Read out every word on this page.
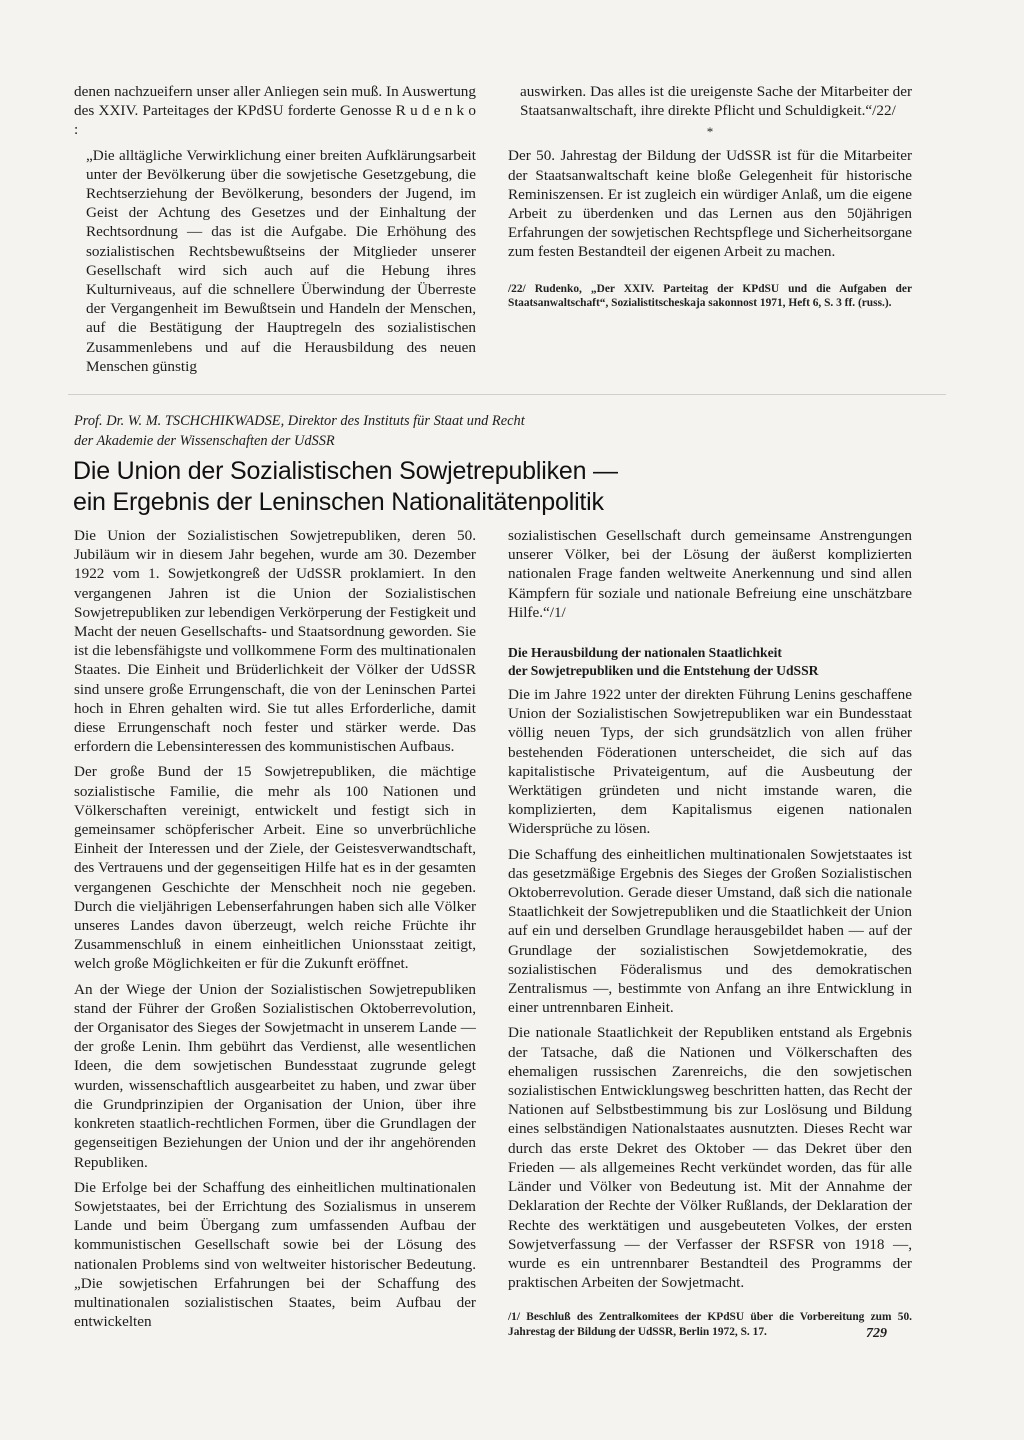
denen nachzueifern unser aller Anliegen sein muß. In Auswertung des XXIV. Parteitages der KPdSU forderte Genosse R u d e n k o :

„Die alltägliche Verwirklichung einer breiten Aufklärungsarbeit unter der Bevölkerung über die sowjetische Gesetzgebung, die Rechtserziehung der Bevölkerung, besonders der Jugend, im Geist der Achtung des Gesetzes und der Einhaltung der Rechtsordnung — das ist die Aufgabe. Die Erhöhung des sozialistischen Rechtsbewußtseins der Mitglieder unserer Gesellschaft wird sich auch auf die Hebung ihres Kulturniveaus, auf die schnellere Überwindung der Überreste der Vergangenheit im Bewußtsein und Handeln der Menschen, auf die Bestätigung der Hauptregeln des sozialistischen Zusammenlebens und auf die Herausbildung des neuen Menschen günstig

auswirken. Das alles ist die ureigenste Sache der Mitarbeiter der Staatsanwaltschaft, ihre direkte Pflicht und Schuldigkeit.“/22/

*

Der 50. Jahrestag der Bildung der UdSSR ist für die Mitarbeiter der Staatsanwaltschaft keine bloße Gelegenheit für historische Reminiszensen. Er ist zugleich ein würdiger Anlaß, um die eigene Arbeit zu überdenken und das Lernen aus den 50jährigen Erfahrungen der sowjetischen Rechtspflege und Sicherheitsorgane zum festen Bestandteil der eigenen Arbeit zu machen.

/22/ Rudenko, „Der XXIV. Parteitag der KPdSU und die Aufgaben der Staatsanwaltschaft“, Sozialistitscheskaja sakonnost 1971, Heft 6, S. 3 ff. (russ.).

Prof. Dr. W. M. TSCHCHIKWADSE, Direktor des Instituts für Staat und Recht
der Akademie der Wissenschaften der UdSSR
Die Union der Sozialistischen Sowjetrepubliken —
ein Ergebnis der Leninschen Nationalitätenpolitik

Die Union der Sozialistischen Sowjetrepubliken, deren 50. Jubiläum wir in diesem Jahr begehen, wurde am 30. Dezember 1922 vom 1. Sowjetkongreß der UdSSR proklamiert. In den vergangenen Jahren ist die Union der Sozialistischen Sowjetrepubliken zur lebendigen Verkörperung der Festigkeit und Macht der neuen Gesellschafts- und Staatsordnung geworden. Sie ist die lebensfähigste und vollkommene Form des multinationalen Staates. Die Einheit und Brüderlichkeit der Völker der UdSSR sind unsere große Errungenschaft, die von der Leninschen Partei hoch in Ehren gehalten wird. Sie tut alles Erforderliche, damit diese Errungenschaft noch fester und stärker werde. Das erfordern die Lebensinteressen des kommunistischen Aufbaus.

Der große Bund der 15 Sowjetrepubliken, die mächtige sozialistische Familie, die mehr als 100 Nationen und Völkerschaften vereinigt, entwickelt und festigt sich in gemeinsamer schöpferischer Arbeit. Eine so unverbrüchliche Einheit der Interessen und der Ziele, der Geistesverwandtschaft, des Vertrauens und der gegenseitigen Hilfe hat es in der gesamten vergangenen Geschichte der Menschheit noch nie gegeben. Durch die vieljährigen Lebenserfahrungen haben sich alle Völker unseres Landes davon überzeugt, welch reiche Früchte ihr Zusammenschluß in einem einheitlichen Unionsstaat zeitigt, welch große Möglichkeiten er für die Zukunft eröffnet.

An der Wiege der Union der Sozialistischen Sowjetrepubliken stand der Führer der Großen Sozialistischen Oktoberrevolution, der Organisator des Sieges der Sowjetmacht in unserem Lande — der große Lenin. Ihm gebührt das Verdienst, alle wesentlichen Ideen, die dem sowjetischen Bundesstaat zugrunde gelegt wurden, wissenschaftlich ausgearbeitet zu haben, und zwar über die Grundprinzipien der Organisation der Union, über ihre konkreten staatlich-rechtlichen Formen, über die Grundlagen der gegenseitigen Beziehungen der Union und der ihr angehörenden Republiken.

Die Erfolge bei der Schaffung des einheitlichen multinationalen Sowjetstaates, bei der Errichtung des Sozialismus in unserem Lande und beim Übergang zum umfassenden Aufbau der kommunistischen Gesellschaft sowie bei der Lösung des nationalen Problems sind von weltweiter historischer Bedeutung. „Die sowjetischen Erfahrungen bei der Schaffung des multinationalen sozialistischen Staates, beim Aufbau der entwickelten

sozialistischen Gesellschaft durch gemeinsame Anstrengungen unserer Völker, bei der Lösung der äußerst komplizierten nationalen Frage fanden weltweite Anerkennung und sind allen Kämpfern für soziale und nationale Befreiung eine unschätzbare Hilfe.“/1/

Die Herausbildung der nationalen Staatlichkeit
der Sowjetrepubliken und die Entstehung der UdSSR

Die im Jahre 1922 unter der direkten Führung Lenins geschaffene Union der Sozialistischen Sowjetrepubliken war ein Bundesstaat völlig neuen Typs, der sich grundsätzlich von allen früher bestehenden Föderationen unterscheidet, die sich auf das kapitalistische Privateigentum, auf die Ausbeutung der Werktätigen gründeten und nicht imstande waren, die komplizierten, dem Kapitalismus eigenen nationalen Widersprüche zu lösen.

Die Schaffung des einheitlichen multinationalen Sowjetstaates ist das gesetzmäßige Ergebnis des Sieges der Großen Sozialistischen Oktoberrevolution. Gerade dieser Umstand, daß sich die nationale Staatlichkeit der Sowjetrepubliken und die Staatlichkeit der Union auf ein und derselben Grundlage herausgebildet haben — auf der Grundlage der sozialistischen Sowjetdemokratie, des sozialistischen Föderalismus und des demokratischen Zentralismus —, bestimmte von Anfang an ihre Entwicklung in einer untrennbaren Einheit.

Die nationale Staatlichkeit der Republiken entstand als Ergebnis der Tatsache, daß die Nationen und Völkerschaften des ehemaligen russischen Zarenreichs, die den sowjetischen sozialistischen Entwicklungsweg beschritten hatten, das Recht der Nationen auf Selbstbestimmung bis zur Loslösung und Bildung eines selbständigen Nationalstaates ausnutzten. Dieses Recht war durch das erste Dekret des Oktober — das Dekret über den Frieden — als allgemeines Recht verkündet worden, das für alle Länder und Völker von Bedeutung ist. Mit der Annahme der Deklaration der Rechte der Völker Rußlands, der Deklaration der Rechte des werktätigen und ausgebeuteten Volkes, der ersten Sowjetverfassung — der Verfasser der RSFSR von 1918 —, wurde es ein untrennbarer Bestandteil des Programms der praktischen Arbeiten der Sowjetmacht.

/1/ Beschluß des Zentralkomitees der KPdSU über die Vorbereitung zum 50. Jahrestag der Bildung der UdSSR, Berlin 1972, S. 17.	729
